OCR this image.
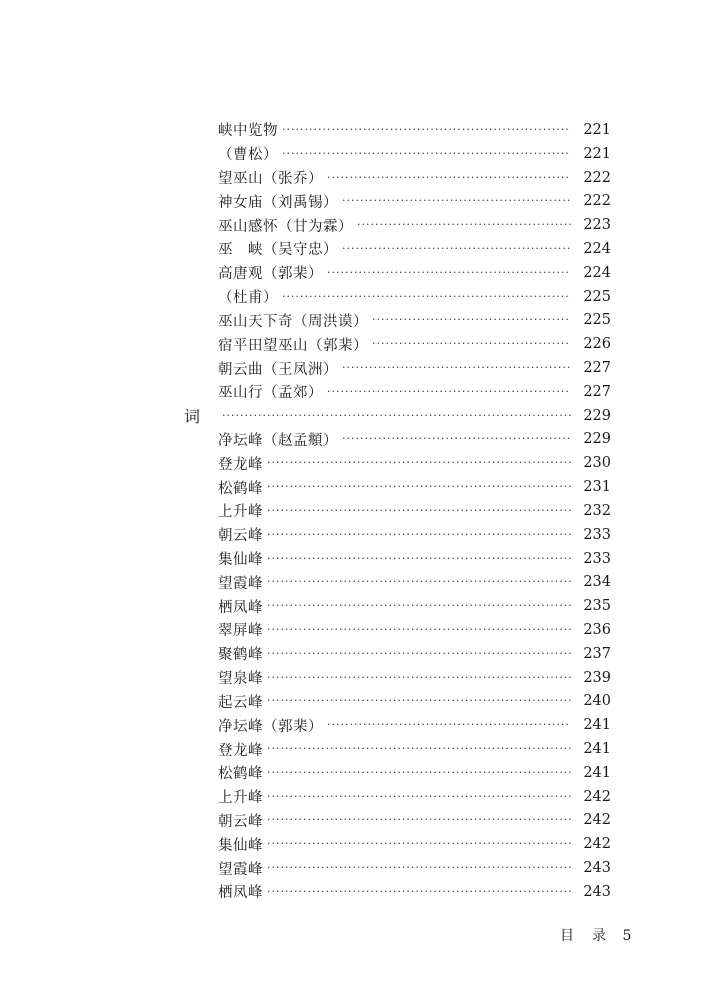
峡中览物 ·····	221
（曹松） ·····	221
望巫山（张乔） ·····	222
神女庙（刘禹锡） ·····	222
巫山感怀（甘为霖） ·····	223
巫　峡（吴守忠） ·····	224
高唐观（郭棐） ·····	224
（杜甫） ·····	225
巫山天下奇（周洪谟） ·····	225
宿平田望巫山（郭棐） ·····	226
朝云曲（王凤洲） ·····	227
巫山行（孟郊） ·····	227
词 ·····	229
净坛峰（赵孟頫） ·····	229
登龙峰 ·····	230
松鹤峰 ·····	231
上升峰 ·····	232
朝云峰 ·····	233
集仙峰 ·····	233
望霞峰 ·····	234
栖凤峰 ·····	235
翠屏峰 ·····	236
聚鹤峰 ·····	237
望泉峰 ·····	239
起云峰 ·····	240
净坛峰（郭棐） ·····	241
登龙峰 ·····	241
松鹤峰 ·····	241
上升峰 ·····	242
朝云峰 ·····	242
集仙峰 ·····	242
望霞峰 ·····	243
栖凤峰 ·····	243
目　录 5
